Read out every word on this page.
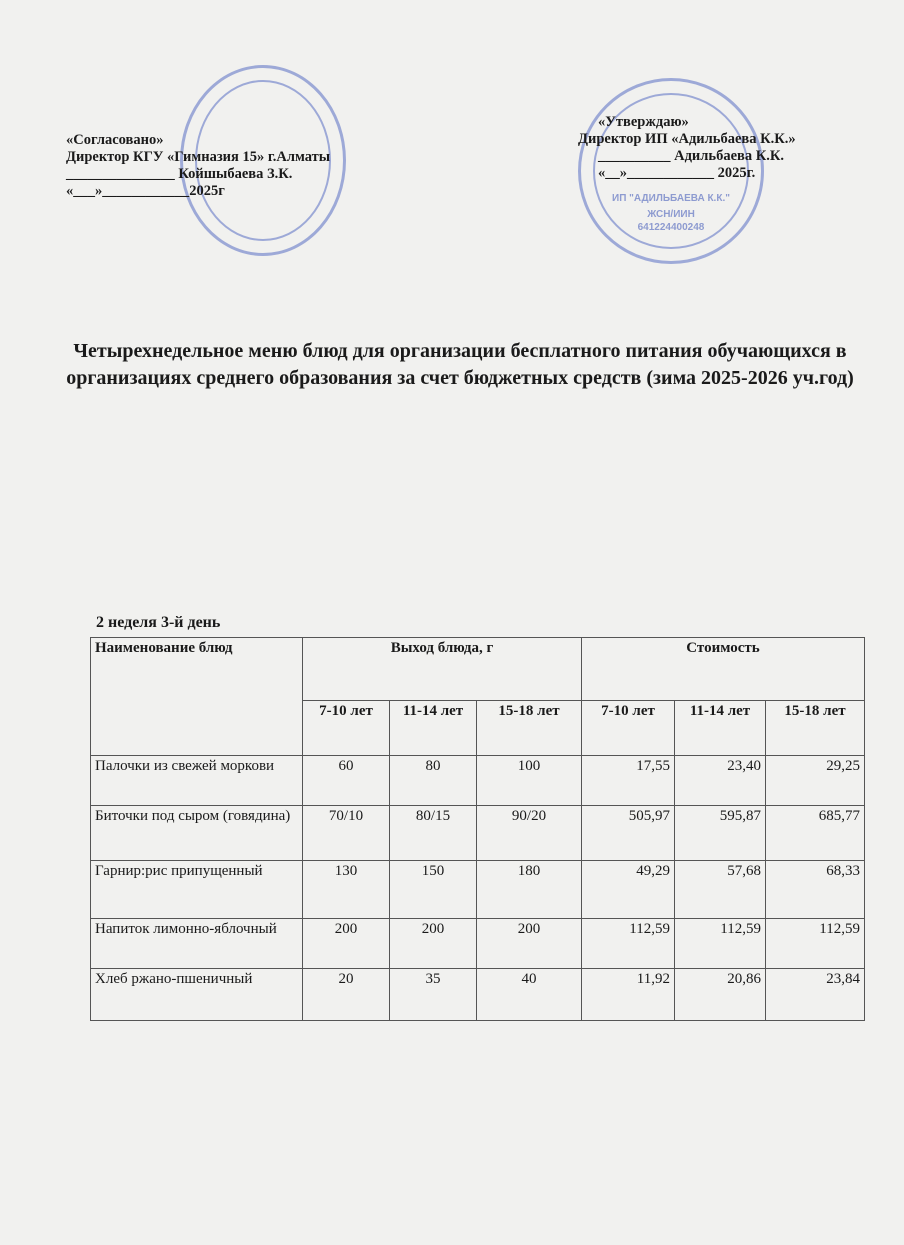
ИП "АДИЛЬБАЕВА К.К."
ЖСН/ИИН
641224400248
«Согласовано»
Директор КГУ «Гимназия 15» г.Алматы
_______________ Койшыбаева З.К.
«___»____________2025г
«Утверждаю»
Директор ИП «Адильбаева К.К.»
__________ Адильбаева К.К.
«__»____________ 2025г.
Четырехнедельное меню блюд для организации бесплатного питания обучающихся в организациях среднего образования за счет бюджетных средств (зима 2025-2026 уч.год)
2 неделя 3-й день
Наименование блюд	Выход блюда, г			Стоимость		
	7-10 лет	11-14 лет	15-18 лет	7-10 лет	11-14 лет	15-18 лет
Палочки из свежей моркови	60	80	100	17,55	23,40	29,25
Биточки под сыром (говядина)	70/10	80/15	90/20	505,97	595,87	685,77
Гарнир:рис припущенный	130	150	180	49,29	57,68	68,33
Напиток лимонно-яблочный	200	200	200	112,59	112,59	112,59
Хлеб ржано-пшеничный	20	35	40	11,92	20,86	23,84
